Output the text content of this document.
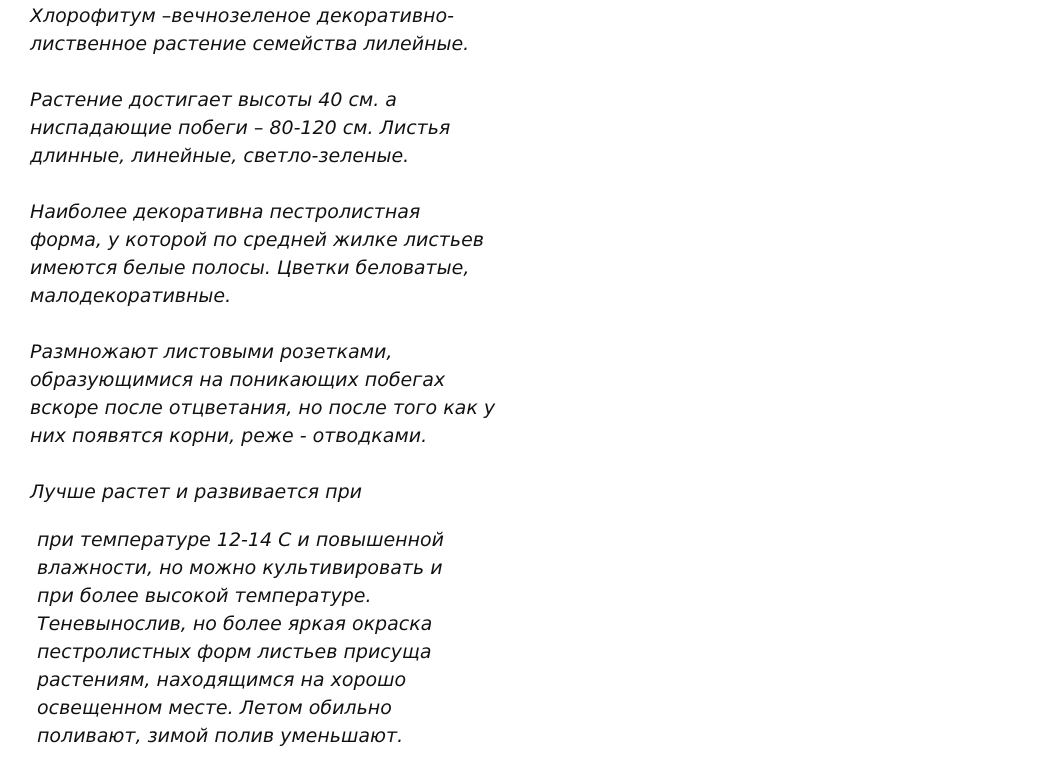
Хлорофитум –вечнозеленое декоративно-
лиственное растение семейства лилейные.

Растение достигает высоты 40 см. а
ниспадающие побеги – 80-120 см. Листья
длинные, линейные, светло-зеленые.

Наиболее декоративна пестролистная
форма, у которой по средней жилке листьев
имеются белые полосы. Цветки беловатые,
малодекоративные.

Размножают листовыми розетками,
образующимися на поникающих побегах
вскоре после отцветания, но после того как у
них появятся корни, реже - отводками.

Лучше растет и развивается при

при температуре 12-14 С и повышенной
влажности, но можно культивировать и
при более высокой температуре.
Теневынослив, но более яркая окраска
пестролистных форм листьев присуща
растениям, находящимся на хорошо
освещенном месте. Летом обильно
поливают, зимой полив уменьшают.
